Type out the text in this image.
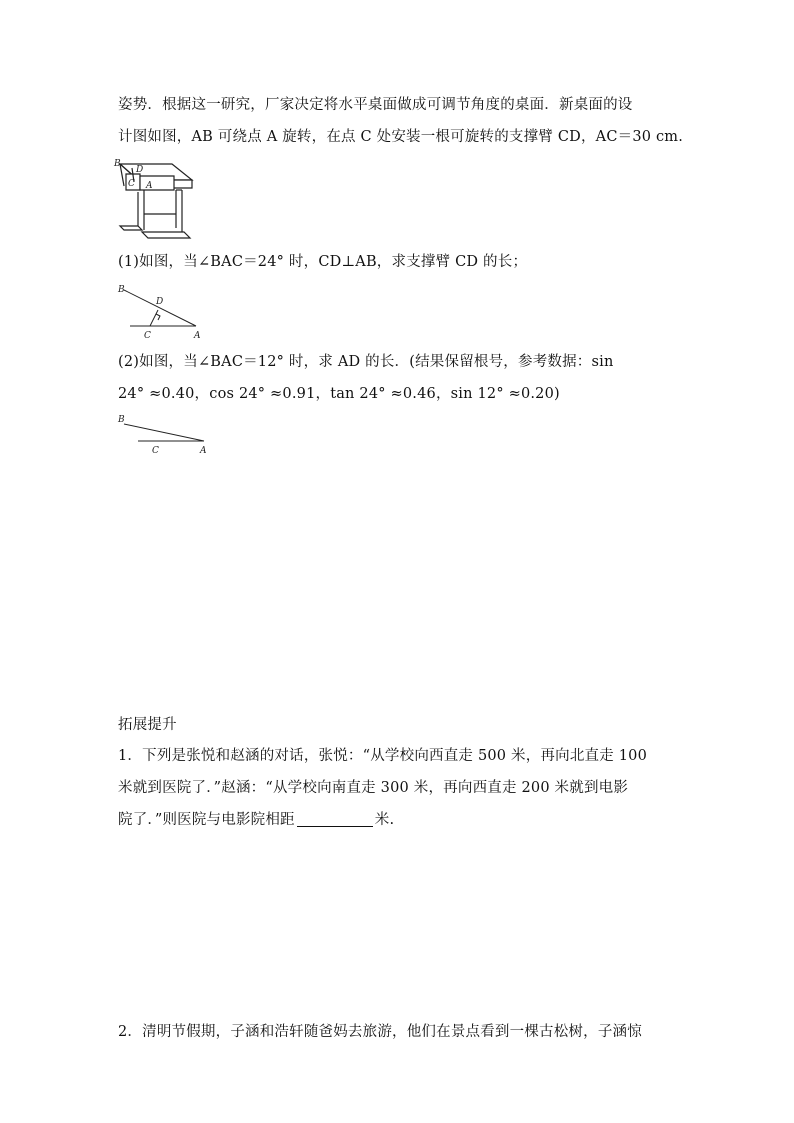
姿势．根据这一研究，厂家决定将水平桌面做成可调节角度的桌面．新桌面的设
计图如图，AB 可绕点 A 旋转，在点 C 处安装一根可旋转的支撑臂 CD，AC＝30 cm.
B
D
C A
(1)如图，当∠BAC＝24° 时，CD⊥AB，求支撑臂 CD 的长；
B
D
C	A
(2)如图，当∠BAC＝12° 时，求 AD 的长．(结果保留根号，参考数据：sin
24° ≈0.40，cos 24° ≈0.91，tan 24° ≈0.46，sin 12° ≈0.20)
B
C	A
拓展提升
1．下列是张悦和赵涵的对话，张悦：“从学校向西直走 500 米，再向北直走 100
米就到医院了．”赵涵：“从学校向南直走 300 米，再向西直走 200 米就到电影
院了．”则医院与电影院相距	米.
2．清明节假期，子涵和浩轩随爸妈去旅游，他们在景点看到一棵古松树，子涵惊
